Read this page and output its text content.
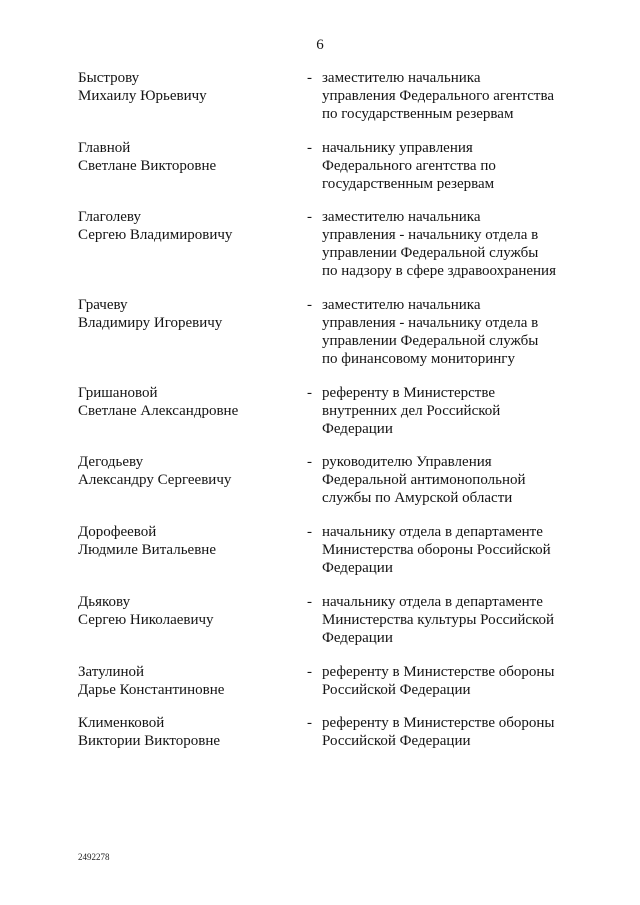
6
Быстрову
Михаилу Юрьевичу
- заместителю начальника
управления Федерального агентства
по государственным резервам
Главной
Светлане Викторовне
- начальнику управления
Федерального агентства по
государственным резервам
Глаголеву
Сергею Владимировичу
- заместителю начальника
управления - начальнику отдела в
управлении Федеральной службы
по надзору в сфере здравоохранения
Грачеву
Владимиру Игоревичу
- заместителю начальника
управления - начальнику отдела в
управлении Федеральной службы
по финансовому мониторингу
Гришановой
Светлане Александровне
- референту в Министерстве
внутренних дел Российской
Федерации
Дегодьеву
Александру Сергеевичу
- руководителю Управления
Федеральной антимонопольной
службы по Амурской области
Дорофеевой
Людмиле Витальевне
- начальнику отдела в департаменте
Министерства обороны Российской
Федерации
Дьякову
Сергею Николаевичу
- начальнику отдела в департаменте
Министерства культуры Российской
Федерации
Затулиной
Дарье Константиновне
- референту в Министерстве обороны
Российской Федерации
Клименковой
Виктории Викторовне
- референту в Министерстве обороны
Российской Федерации
2492278
